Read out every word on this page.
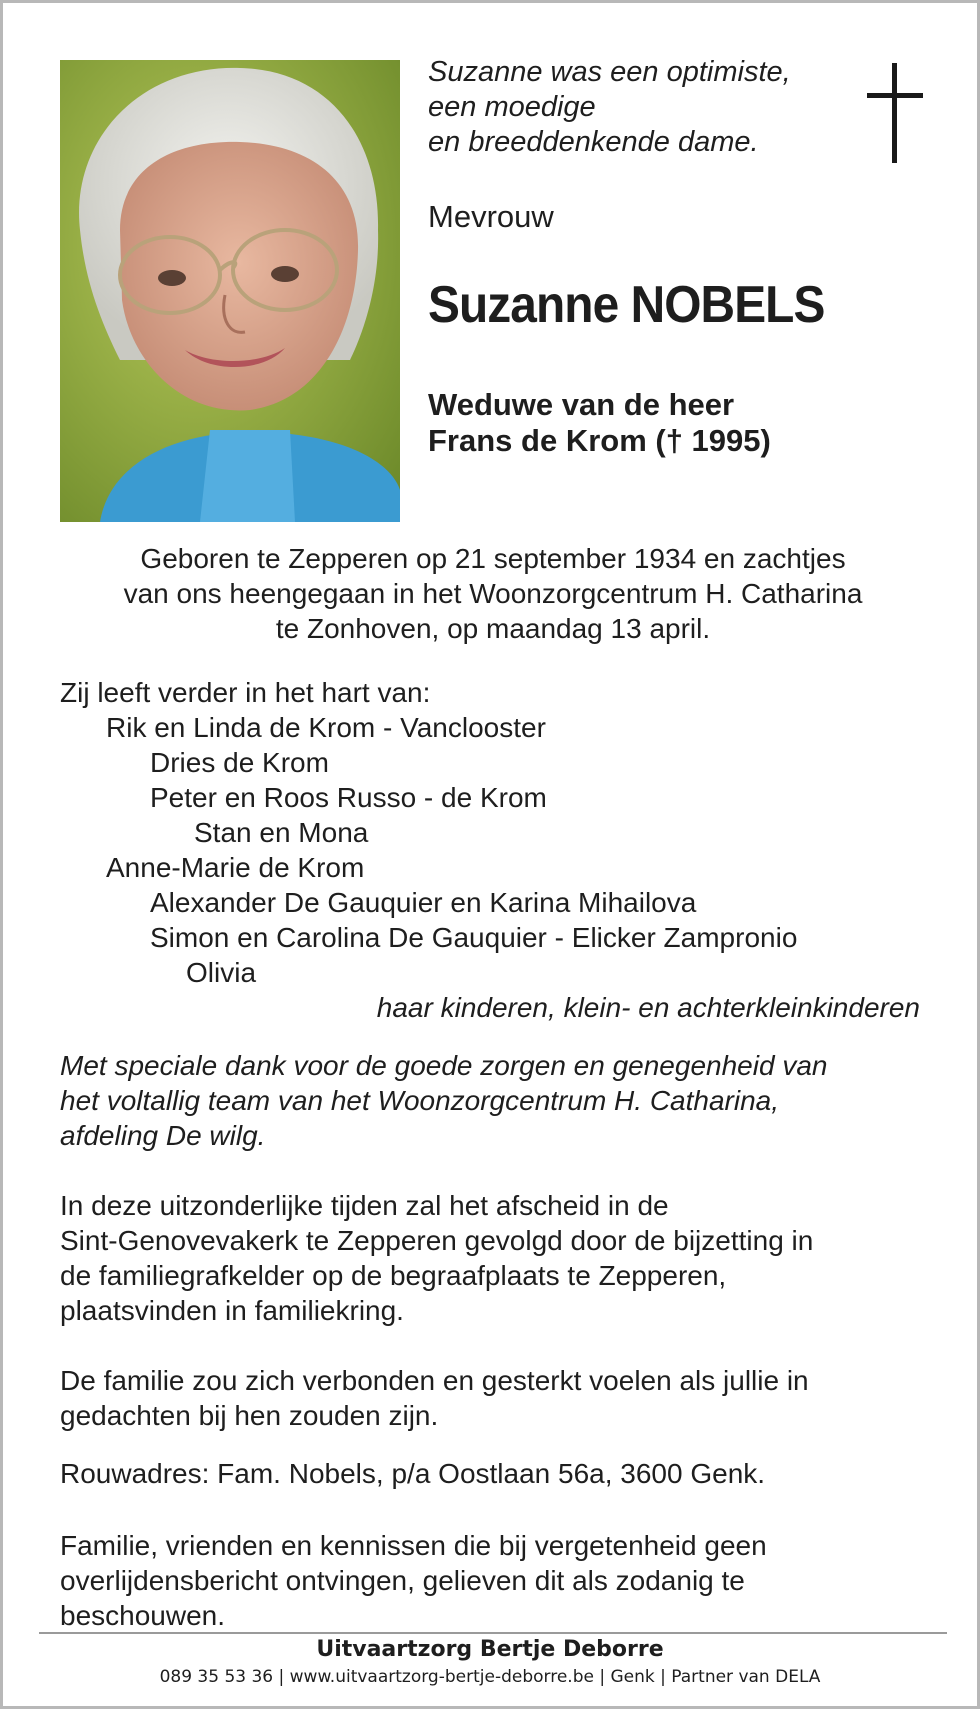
Suzanne was een optimiste,
een moedige
en breeddenkende dame.

Mevrouw

Suzanne NOBELS

Weduwe van de heer
Frans de Krom († 1995)

Geboren te Zepperen op 21 september 1934 en zachtjes
van ons heengegaan in het Woonzorgcentrum H. Catharina
te Zonhoven, op maandag 13 april.

Zij leeft verder in het hart van:
Rik en Linda de Krom - Vanclooster
Dries de Krom
Peter en Roos Russo - de Krom
Stan en Mona
Anne-Marie de Krom
Alexander De Gauquier en Karina Mihailova
Simon en Carolina De Gauquier - Elicker Zampronio
Olivia
haar kinderen, klein- en achterkleinkinderen

Met speciale dank voor de goede zorgen en genegenheid van
het voltallig team van het Woonzorgcentrum H. Catharina,
afdeling De wilg.

In deze uitzonderlijke tijden zal het afscheid in de
Sint-Genovevakerk te Zepperen gevolgd door de bijzetting in
de familiegrafkelder op de begraafplaats te Zepperen,
plaatsvinden in familiekring.

De familie zou zich verbonden en gesterkt voelen als jullie in
gedachten bij hen zouden zijn.

Rouwadres: Fam. Nobels, p/a Oostlaan 56a, 3600 Genk.

Familie, vrienden en kennissen die bij vergetenheid geen
overlijdensbericht ontvingen, gelieven dit als zodanig te
beschouwen.

Uitvaartzorg Bertje Deborre

089 35 53 36 | www.uitvaartzorg-bertje-deborre.be | Genk | Partner van DELA
